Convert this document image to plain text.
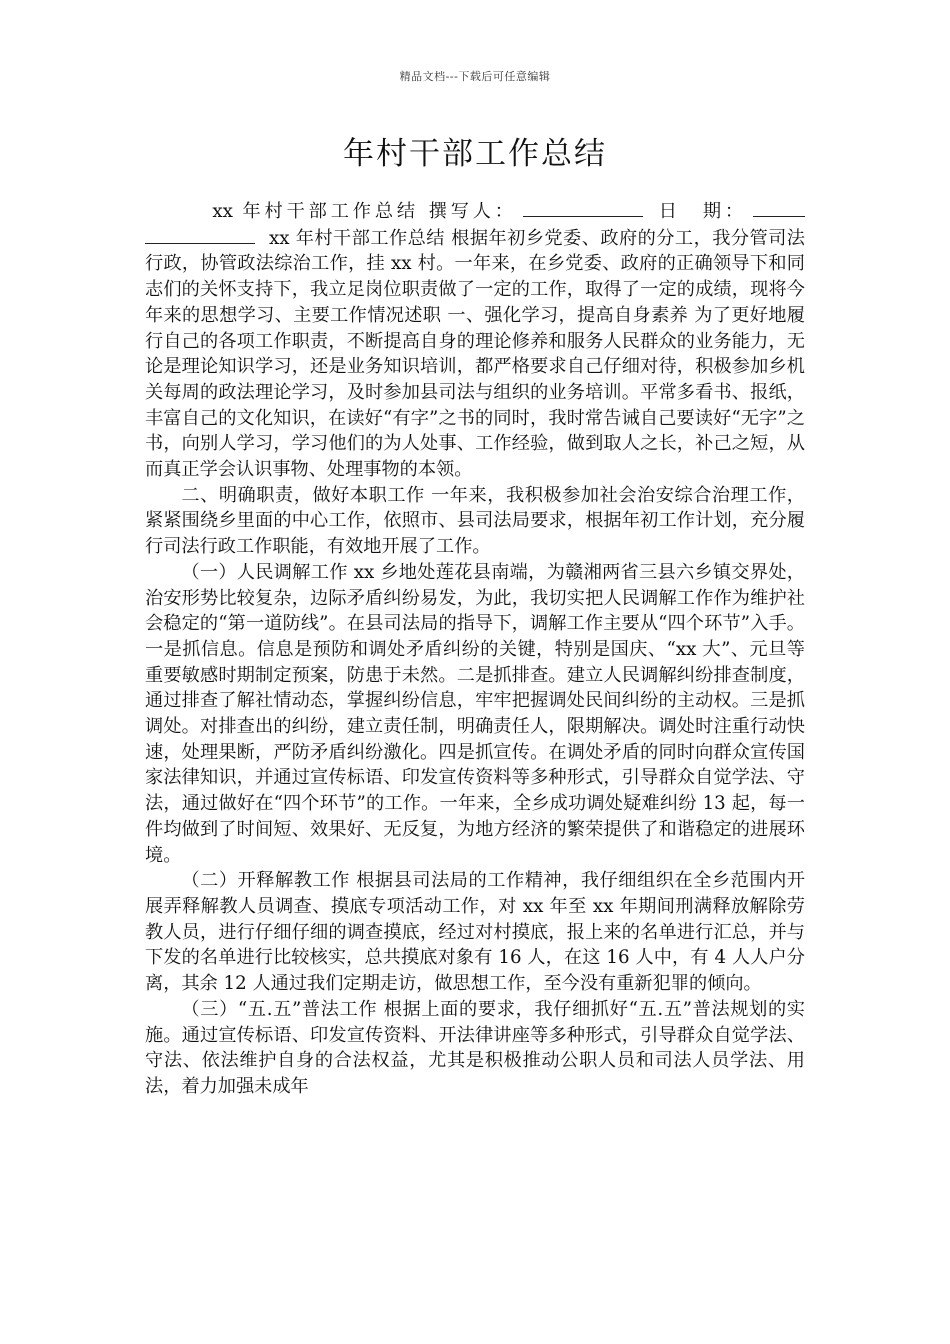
精品文档---下载后可任意编辑
年村干部工作总结

xx 年村干部工作总结 撰写人：	日　期：xx 年村干部工作总结 根据年初乡党委、政府的分工，我分管司法行政，协管政法综治工作，挂 xx 村。一年来，在乡党委、政府的正确领导下和同志们的关怀支持下，我立足岗位职责做了一定的工作，取得了一定的成绩，现将今年来的思想学习、主要工作情况述职 一、强化学习，提高自身素养 为了更好地履行自己的各项工作职责，不断提高自身的理论修养和服务人民群众的业务能力，无论是理论知识学习，还是业务知识培训，都严格要求自己仔细对待，积极参加乡机关每周的政法理论学习，及时参加县司法与组织的业务培训。平常多看书、报纸，丰富自己的文化知识，在读好“有字”之书的同时，我时常告诫自己要读好“无字”之书，向别人学习，学习他们的为人处事、工作经验，做到取人之长，补己之短，从而真正学会认识事物、处理事物的本领。

二、明确职责，做好本职工作 一年来，我积极参加社会治安综合治理工作，紧紧围绕乡里面的中心工作，依照市、县司法局要求，根据年初工作计划，充分履行司法行政工作职能，有效地开展了工作。

（一）人民调解工作 xx 乡地处莲花县南端，为赣湘两省三县六乡镇交界处，治安形势比较复杂，边际矛盾纠纷易发，为此，我切实把人民调解工作作为维护社会稳定的“第一道防线”。在县司法局的指导下，调解工作主要从“四个环节”入手。一是抓信息。信息是预防和调处矛盾纠纷的关键，特别是国庆、“xx 大”、元旦等重要敏感时期制定预案，防患于未然。二是抓排查。建立人民调解纠纷排查制度，通过排查了解社情动态，掌握纠纷信息，牢牢把握调处民间纠纷的主动权。三是抓调处。对排查出的纠纷，建立责任制，明确责任人，限期解决。调处时注重行动快速，处理果断，严防矛盾纠纷激化。四是抓宣传。在调处矛盾的同时向群众宣传国家法律知识，并通过宣传标语、印发宣传资料等多种形式，引导群众自觉学法、守法，通过做好在“四个环节”的工作。一年来，全乡成功调处疑难纠纷 13 起，每一件均做到了时间短、效果好、无反复，为地方经济的繁荣提供了和谐稳定的进展环境。

（二）开释解教工作 根据县司法局的工作精神，我仔细组织在全乡范围内开展弄释解教人员调查、摸底专项活动工作，对 xx 年至 xx 年期间刑满释放解除劳教人员，进行仔细仔细的调查摸底，经过对村摸底，报上来的名单进行汇总，并与下发的名单进行比较核实，总共摸底对象有 16 人，在这 16 人中，有 4 人人户分离，其余 12 人通过我们定期走访，做思想工作，至今没有重新犯罪的倾向。

（三）“五.五”普法工作 根据上面的要求，我仔细抓好“五.五”普法规划的实施。通过宣传标语、印发宣传资料、开法律讲座等多种形式，引导群众自觉学法、守法、依法维护自身的合法权益，尤其是积极推动公职人员和司法人员学法、用法，着力加强未成年
